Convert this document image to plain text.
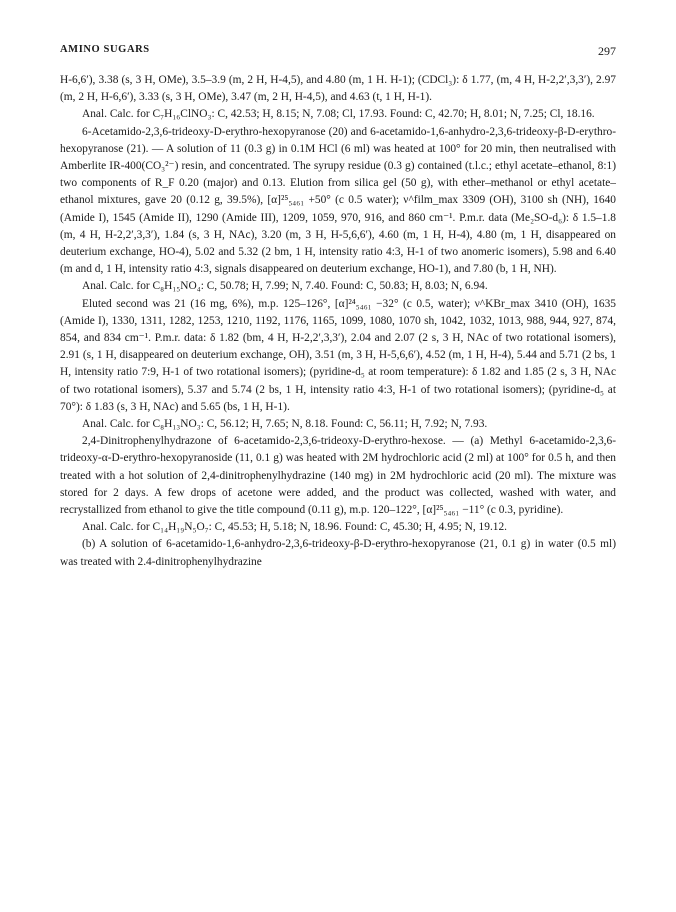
AMINO SUGARS	297

H-6,6′), 3.38 (s, 3 H, OMe), 3.5–3.9 (m, 2 H, H-4,5), and 4.80 (m, 1 H. H-1); (CDCl₃): δ 1.77, (m, 4 H, H-2,2′,3,3′), 2.97 (m, 2 H, H-6,6′), 3.33 (s, 3 H, OMe), 3.47 (m, 2 H, H-4,5), and 4.63 (t, 1 H, H-1).

Anal. Calc. for C₇H₁₆ClNO₃: C, 42.53; H, 8.15; N, 7.08; Cl, 17.93. Found: C, 42.70; H, 8.01; N, 7.25; Cl, 18.16.

6-Acetamido-2,3,6-trideoxy-D-erythro-hexopyranose (20) and 6-acetamido-1,6-anhydro-2,3,6-trideoxy-β-D-erythro-hexopyranose (21). — A solution of 11 (0.3 g) in 0.1M HCl (6 ml) was heated at 100° for 20 min, then neutralised with Amberlite IR-400(CO₃²⁻) resin, and concentrated. The syrupy residue (0.3 g) contained (t.l.c.; ethyl acetate–ethanol, 8:1) two components of R_F 0.20 (major) and 0.13. Elution from silica gel (50 g), with ether–methanol or ethyl acetate–ethanol mixtures, gave 20 (0.12 g, 39.5%), [α]²⁵₅₄₆₁ +50° (c 0.5 water); ν^film_max 3309 (OH), 3100 sh (NH), 1640 (Amide I), 1545 (Amide II), 1290 (Amide III), 1209, 1059, 970, 916, and 860 cm⁻¹. P.m.r. data (Me₂SO-d₆): δ 1.5–1.8 (m, 4 H, H-2,2′,3,3′), 1.84 (s, 3 H, NAc), 3.20 (m, 3 H, H-5,6,6′), 4.60 (m, 1 H, H-4), 4.80 (m, 1 H, disappeared on deuterium exchange, HO-4), 5.02 and 5.32 (2 bm, 1 H, intensity ratio 4:3, H-1 of two anomeric isomers), 5.98 and 6.40 (m and d, 1 H, intensity ratio 4:3, signals disappeared on deuterium exchange, HO-1), and 7.80 (b, 1 H, NH).

Anal. Calc. for C₈H₁₅NO₄: C, 50.78; H, 7.99; N, 7.40. Found: C, 50.83; H, 8.03; N, 6.94.

Eluted second was 21 (16 mg, 6%), m.p. 125–126°, [α]²⁴₅₄₆₁ −32° (c 0.5, water); ν^KBr_max 3410 (OH), 1635 (Amide I), 1330, 1311, 1282, 1253, 1210, 1192, 1176, 1165, 1099, 1080, 1070 sh, 1042, 1032, 1013, 988, 944, 927, 874, 854, and 834 cm⁻¹. P.m.r. data: δ 1.82 (bm, 4 H, H-2,2′,3,3′), 2.04 and 2.07 (2 s, 3 H, NAc of two rotational isomers), 2.91 (s, 1 H, disappeared on deuterium exchange, OH), 3.51 (m, 3 H, H-5,6,6′), 4.52 (m, 1 H, H-4), 5.44 and 5.71 (2 bs, 1 H, intensity ratio 7:9, H-1 of two rotational isomers); (pyridine-d₅ at room temperature): δ 1.82 and 1.85 (2 s, 3 H, NAc of two rotational isomers), 5.37 and 5.74 (2 bs, 1 H, intensity ratio 4:3, H-1 of two rotational isomers); (pyridine-d₅ at 70°): δ 1.83 (s, 3 H, NAc) and 5.65 (bs, 1 H, H-1).

Anal. Calc. for C₈H₁₃NO₃: C, 56.12; H, 7.65; N, 8.18. Found: C, 56.11; H, 7.92; N, 7.93.

2,4-Dinitrophenylhydrazone of 6-acetamido-2,3,6-trideoxy-D-erythro-hexose. — (a) Methyl 6-acetamido-2,3,6-trideoxy-α-D-erythro-hexopyranoside (11, 0.1 g) was heated with 2M hydrochloric acid (2 ml) at 100° for 0.5 h, and then treated with a hot solution of 2,4-dinitrophenylhydrazine (140 mg) in 2M hydrochloric acid (20 ml). The mixture was stored for 2 days. A few drops of acetone were added, and the product was collected, washed with water, and recrystallized from ethanol to give the title compound (0.11 g), m.p. 120–122°, [α]²⁵₅₄₆₁ −11° (c 0.3, pyridine).

Anal. Calc. for C₁₄H₁₉N₅O₇: C, 45.53; H, 5.18; N, 18.96. Found: C, 45.30; H, 4.95; N, 19.12.

(b) A solution of 6-acetamido-1,6-anhydro-2,3,6-trideoxy-β-D-erythro-hexopyranose (21, 0.1 g) in water (0.5 ml) was treated with 2.4-dinitrophenylhydrazine
